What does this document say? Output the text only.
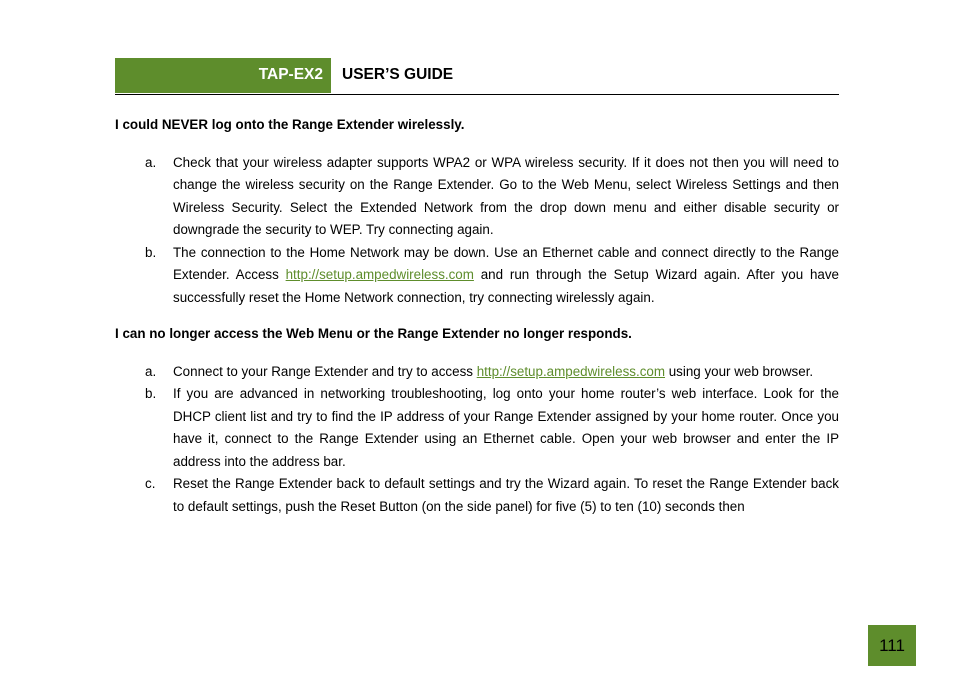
TAP-EX2 USER’S GUIDE

I could NEVER log onto the Range Extender wirelessly.

a. Check that your wireless adapter supports WPA2 or WPA wireless security. If it does not then you will need to change the wireless security on the Range Extender. Go to the Web Menu, select Wireless Settings and then Wireless Security. Select the Extended Network from the drop down menu and either disable security or downgrade the security to WEP. Try connecting again.
b. The connection to the Home Network may be down. Use an Ethernet cable and connect directly to the Range Extender. Access http://setup.ampedwireless.com and run through the Setup Wizard again. After you have successfully reset the Home Network connection, try connecting wirelessly again.

I can no longer access the Web Menu or the Range Extender no longer responds.

a. Connect to your Range Extender and try to access http://setup.ampedwireless.com using your web browser.
b. If you are advanced in networking troubleshooting, log onto your home router’s web interface. Look for the DHCP client list and try to find the IP address of your Range Extender assigned by your home router. Once you have it, connect to the Range Extender using an Ethernet cable. Open your web browser and enter the IP address into the address bar.
c. Reset the Range Extender back to default settings and try the Wizard again. To reset the Range Extender back to default settings, push the Reset Button (on the side panel) for five (5) to ten (10) seconds then
111
